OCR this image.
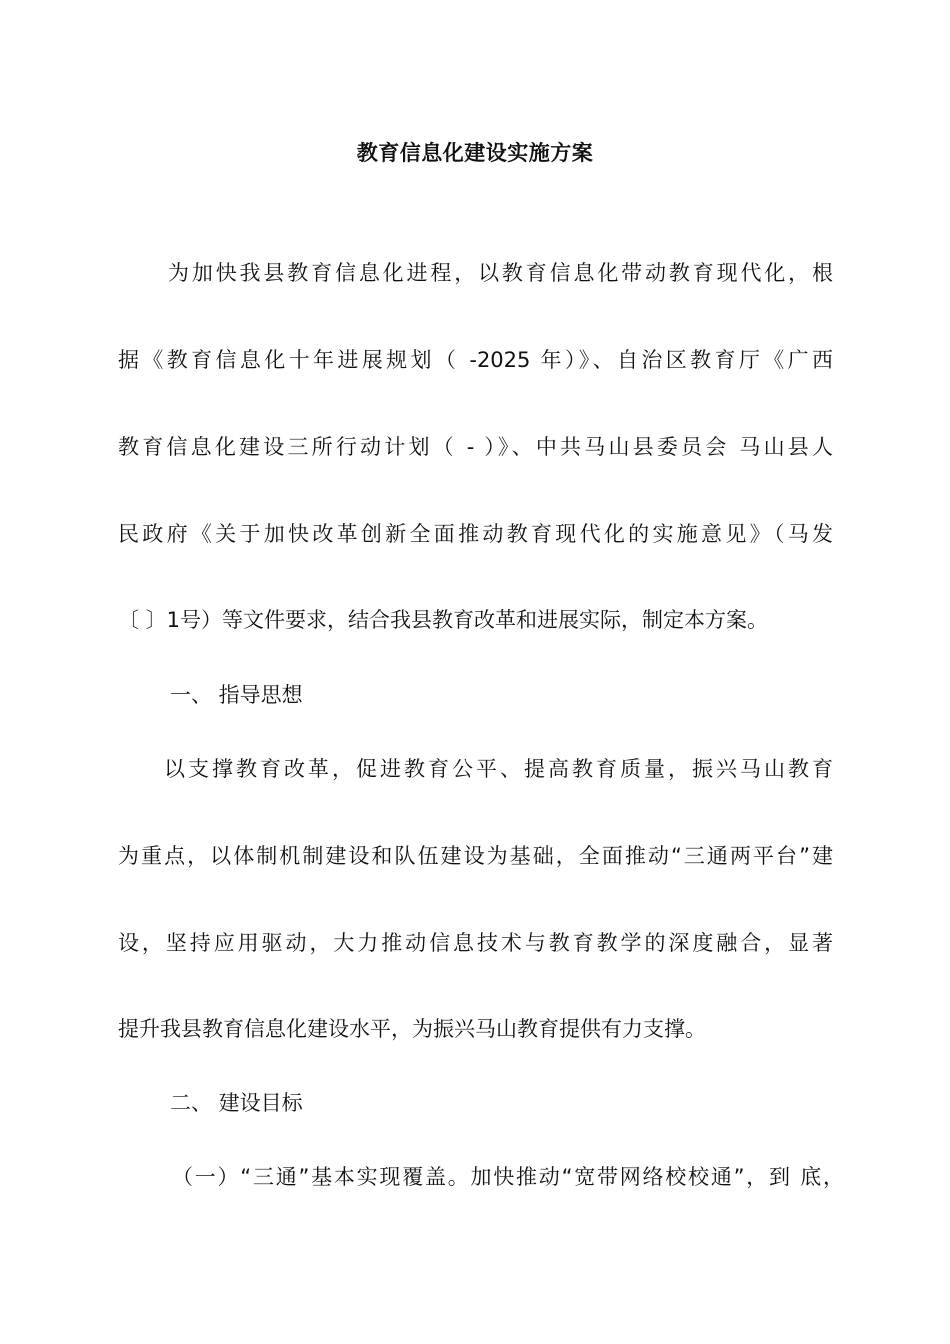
教育信息化建设实施方案
为加快我县教育信息化进程，以教育信息化带动教育现代化，根
据《教育信息化十年进展规划（ -2025 年）》、自治区教育厅《广西
教育信息化建设三所行动计划（ - ）》、中共马山县委员会 马山县人
民政府《关于加快改革创新全面推动教育现代化的实施意见》（马发
〔 〕1号）等文件要求，结合我县教育改革和进展实际，制定本方案。
一、 指导思想
以支撑教育改革，促进教育公平、提高教育质量，振兴马山教育
为重点，以体制机制建设和队伍建设为基础，全面推动“三通两平台”建
设，坚持应用驱动，大力推动信息技术与教育教学的深度融合，显著
提升我县教育信息化建设水平，为振兴马山教育提供有力支撑。
二、 建设目标
（一）“三通”基本实现覆盖。加快推动“宽带网络校校通”，到 底，
